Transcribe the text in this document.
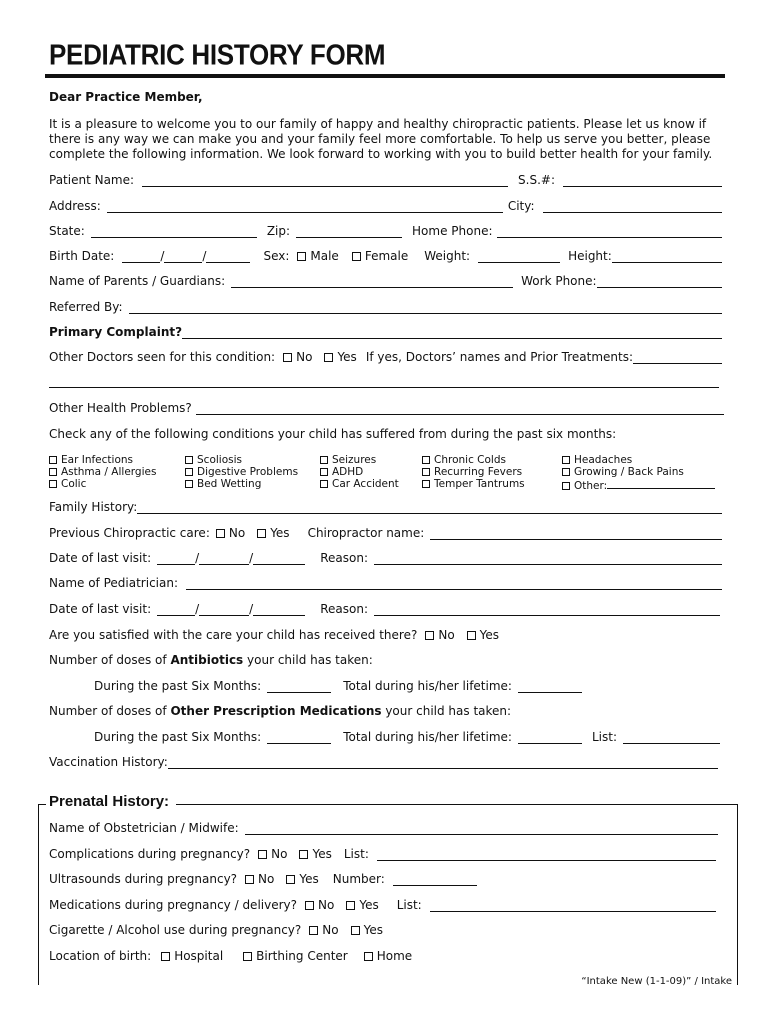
PEDIATRIC HISTORY FORM
Dear Practice Member,
It is a pleasure to welcome you to our family of happy and healthy chiropractic patients. Please let us know if there is any way we can make you and your family feel more comfortable. To help us serve you better, please complete the following information. We look forward to working with you to build better health for your family.
Patient Name:	S.S.#:
Address:	City:
State:	Zip:	Home Phone:
Birth Date:	/	/	Sex:	Male	Female Weight:	Height:
Name of Parents / Guardians:	Work Phone:
Referred By:
Primary Complaint?
Other Doctors seen for this condition:	No	Yes If yes, Doctors’ names and Prior Treatments:
Other Health Problems?
Check any of the following conditions your child has suffered from during the past six months:
Ear Infections
Asthma / Allergies
Colic
Scoliosis
Digestive Problems
Bed Wetting
Seizures
ADHD
Car Accident
Chronic Colds
Recurring Fevers
Temper Tantrums
Headaches
Growing / Back Pains
Other:
Family History:
Previous Chiropractic care:	No	Yes Chiropractor name:
Date of last visit:	/	/	Reason:
Name of Pediatrician:
Date of last visit:	/	/	Reason:
Are you satisfied with the care your child has received there?	No	Yes
Number of doses of Antibiotics your child has taken:
During the past Six Months:	Total during his/her lifetime:
Number of doses of Other Prescription Medications your child has taken:
During the past Six Months:	Total during his/her lifetime:	List:
Vaccination History:
Prenatal History:
Name of Obstetrician / Midwife:
Complications during pregnancy?	No	Yes List:
Ultrasounds during pregnancy?	No	Yes Number:
Medications during pregnancy / delivery?	No	Yes List:
Cigarette / Alcohol use during pregnancy?	No	Yes
Location of birth:	Hospital	Birthing Center	Home
“Intake New (1-1-09)” / Intake
